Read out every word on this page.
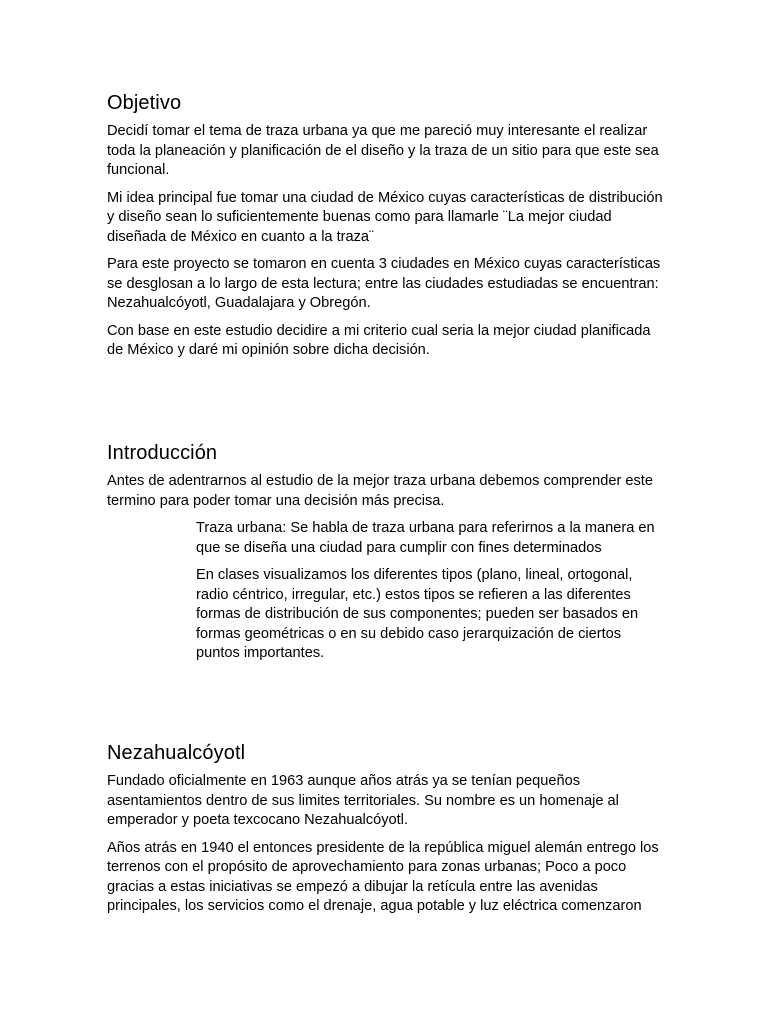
Objetivo

Decidí tomar el tema de traza urbana ya que me pareció muy interesante el realizar toda la planeación y planificación de el diseño y la traza de un sitio para que este sea funcional.

Mi idea principal fue tomar una ciudad de México cuyas características de distribución y diseño sean lo suficientemente buenas como para llamarle ¨La mejor ciudad diseñada de México en cuanto a la traza¨

Para este proyecto se tomaron en cuenta 3 ciudades en México cuyas características se desglosan a lo largo de esta lectura; entre las ciudades estudiadas se encuentran: Nezahualcóyotl, Guadalajara y Obregón.

Con base en este estudio decidire a mi criterio cual seria la mejor ciudad planificada de México y daré mi opinión sobre dicha decisión.

Introducción

Antes de adentrarnos al estudio de la mejor traza urbana debemos comprender este termino para poder tomar una decisión más precisa.

Traza urbana: Se habla de traza urbana para referirnos a la manera en que se diseña una ciudad para cumplir con fines determinados

En clases visualizamos los diferentes tipos (plano, lineal, ortogonal, radio céntrico, irregular, etc.) estos tipos se refieren a las diferentes formas de distribución de sus componentes; pueden ser basados en formas geométricas o en su debido caso jerarquización de ciertos puntos importantes.

Nezahualcóyotl

Fundado oficialmente en 1963 aunque años atrás ya se tenían pequeños asentamientos dentro de sus limites territoriales. Su nombre es un homenaje al emperador y poeta texcocano Nezahualcóyotl.

Años atrás en 1940 el entonces presidente de la república miguel alemán entrego los terrenos con el propósito de aprovechamiento para zonas urbanas; Poco a poco gracias a estas iniciativas se empezó a dibujar la retícula entre las avenidas principales, los servicios como el drenaje, agua potable y luz eléctrica comenzaron
